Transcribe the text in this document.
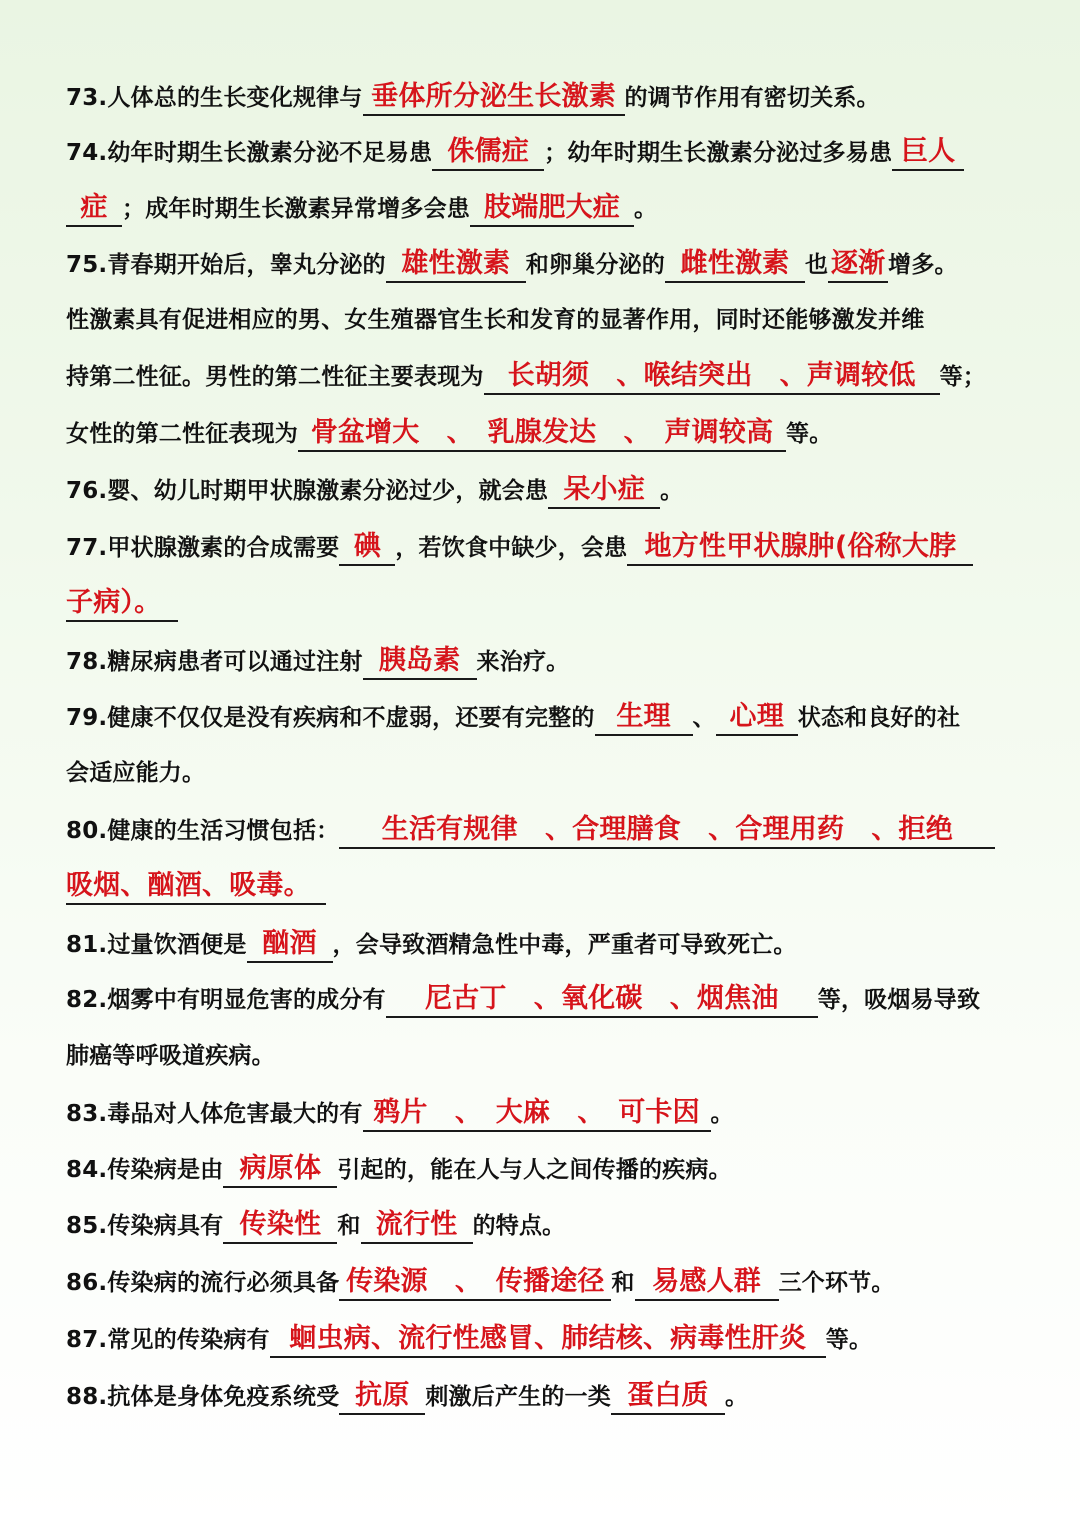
73.人体总的生长变化规律与 垂体所分泌生长激素 的调节作用有密切关系。
74.幼年时期生长激素分泌不足易患 侏儒症 ；幼年时期生长激素分泌过多易患 巨人
症 ；成年时期生长激素异常增多会患 肢端肥大症 。
75.青春期开始后，睾丸分泌的 雄性激素 和卵巢分泌的 雌性激素 也 逐渐 增多。
性激素具有促进相应的男、女生殖器官生长和发育的显著作用，同时还能够激发并维
持第二性征。男性的第二性征主要表现为 长胡须　、喉结突出　、声调较低 等；
女性的第二性征表现为 骨盆增大　、　乳腺发达　、　声调较高 等。
76.婴、幼儿时期甲状腺激素分泌过少，就会患 呆小症 。
77.甲状腺激素的合成需要 碘 ，若饮食中缺少，会患 地方性甲状腺肿(俗称大脖
子病）。
78.糖尿病患者可以通过注射 胰岛素 来治疗。
79.健康不仅仅是没有疾病和不虚弱，还要有完整的 生理 、 心理 状态和良好的社
会适应能力。
80.健康的生活习惯包括： 生活有规律　、合理膳食　、合理用药　、拒绝
吸烟、酗酒、吸毒。
81.过量饮酒便是 酗酒 ，会导致酒精急性中毒，严重者可导致死亡。
82.烟雾中有明显危害的成分有 尼古丁　、氧化碳　、烟焦油 等，吸烟易导致
肺癌等呼吸道疾病。
83.毒品对人体危害最大的有 鸦片　、　大麻　、　可卡因 。
84.传染病是由 病原体 引起的，能在人与人之间传播的疾病。
85.传染病具有 传染性 和 流行性 的特点。
86.传染病的流行必须具备 传染源　、　传播途径 和 易感人群 三个环节。
87.常见的传染病有 蛔虫病、流行性感冒、肺结核、病毒性肝炎 等。
88.抗体是身体免疫系统受 抗原 刺激后产生的一类 蛋白质 。
